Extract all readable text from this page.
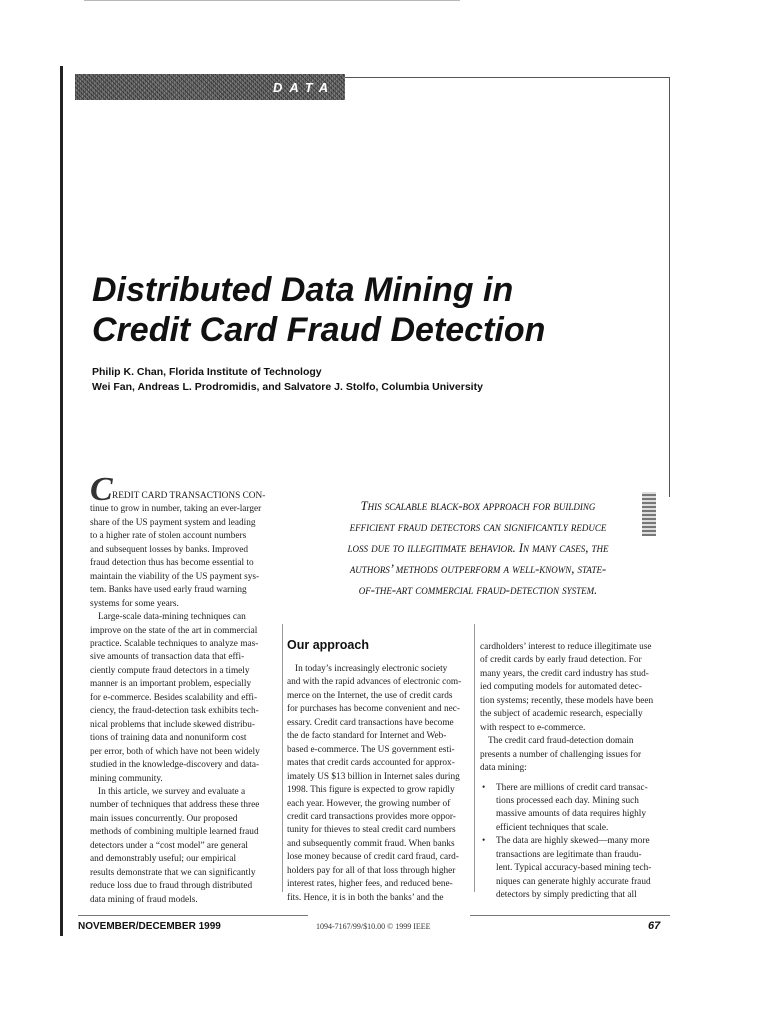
DATA MINING
Distributed Data Mining in
Credit Card Fraud Detection
Philip K. Chan, Florida Institute of Technology
Wei Fan, Andreas L. Prodromidis, and Salvatore J. Stolfo, Columbia University
This scalable black-box approach for building
efficient fraud detectors can significantly reduce
loss due to illegitimate behavior. In many cases, the
authors’ methods outperform a well-known, state-
of-the-art commercial fraud-detection system.
C REDIT CARD TRANSACTIONS CON-
tinue to grow in number, taking an ever-larger
share of the US payment system and leading
to a higher rate of stolen account numbers
and subsequent losses by banks. Improved
fraud detection thus has become essential to
maintain the viability of the US payment sys-
tem. Banks have used early fraud warning
systems for some years.

Large-scale data-mining techniques can
improve on the state of the art in commercial
practice. Scalable techniques to analyze mas-
sive amounts of transaction data that effi-
ciently compute fraud detectors in a timely
manner is an important problem, especially
for e-commerce. Besides scalability and effi-
ciency, the fraud-detection task exhibits tech-
nical problems that include skewed distribu-
tions of training data and nonuniform cost
per error, both of which have not been widely
studied in the knowledge-discovery and data-
mining community.

In this article, we survey and evaluate a
number of techniques that address these three
main issues concurrently. Our proposed
methods of combining multiple learned fraud
detectors under a “cost model” are general
and demonstrably useful; our empirical
results demonstrate that we can significantly
reduce loss due to fraud through distributed
data mining of fraud models.

Our approach

In today’s increasingly electronic society
and with the rapid advances of electronic com-
merce on the Internet, the use of credit cards
for purchases has become convenient and nec-
essary. Credit card transactions have become
the de facto standard for Internet and Web-
based e-commerce. The US government esti-
mates that credit cards accounted for approx-
imately US $13 billion in Internet sales during
1998. This figure is expected to grow rapidly
each year. However, the growing number of
credit card transactions provides more oppor-
tunity for thieves to steal credit card numbers
and subsequently commit fraud. When banks
lose money because of credit card fraud, card-
holders pay for all of that loss through higher
interest rates, higher fees, and reduced bene-
fits. Hence, it is in both the banks’ and the

cardholders’ interest to reduce illegitimate use
of credit cards by early fraud detection. For
many years, the credit card industry has stud-
ied computing models for automated detec-
tion systems; recently, these models have been
the subject of academic research, especially
with respect to e-commerce.

The credit card fraud-detection domain
presents a number of challenging issues for
data mining:

• There are millions of credit card transac-
tions processed each day. Mining such
massive amounts of data requires highly
efficient techniques that scale.
• The data are highly skewed—many more
transactions are legitimate than fraudu-
lent. Typical accuracy-based mining tech-
niques can generate highly accurate fraud
detectors by simply predicting that all
NOVEMBER/DECEMBER 1999	1094-7167/99/$10.00 © 1999 IEEE	67
